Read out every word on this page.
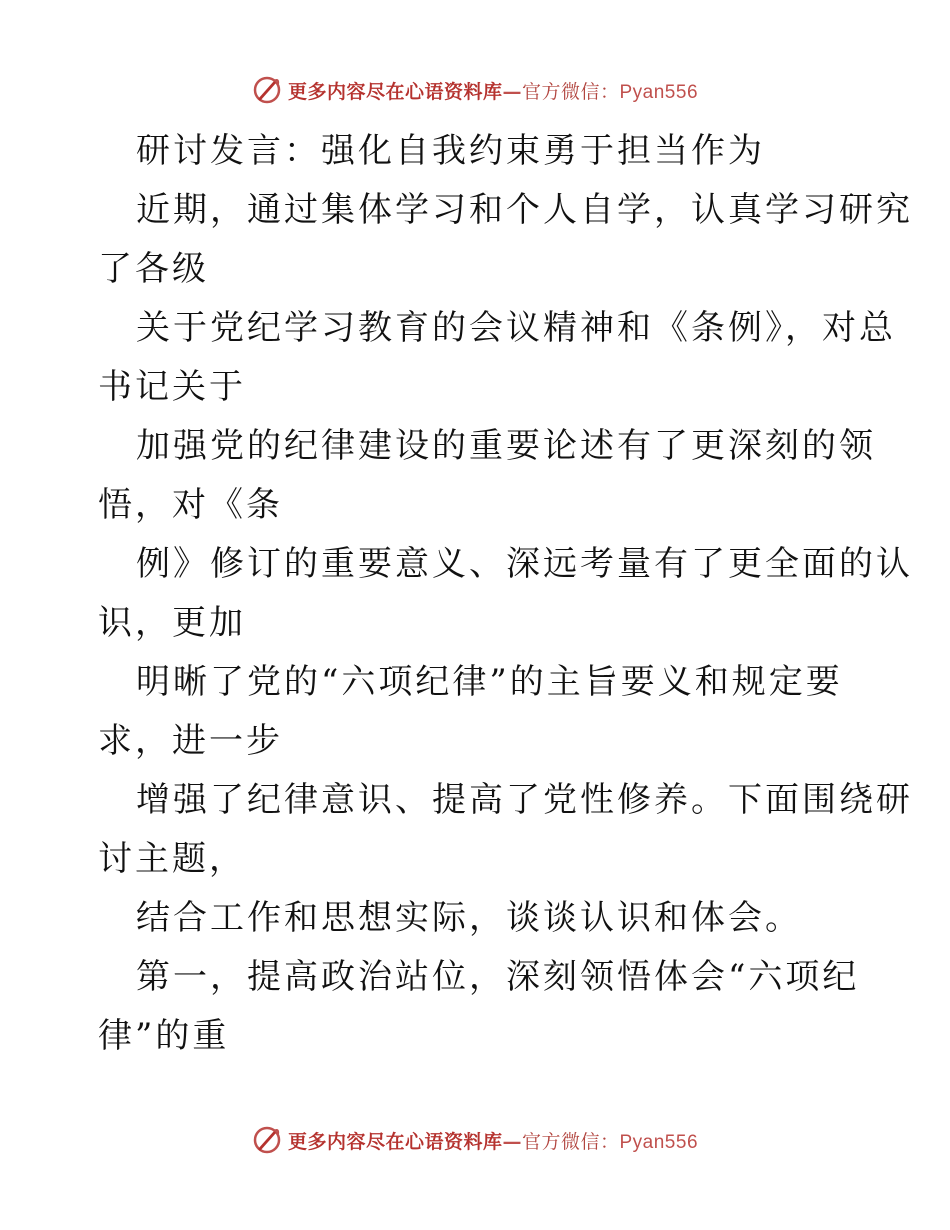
更多内容尽在心语资料库—官方微信：Pyan556
研讨发言：强化自我约束勇于担当作为
近期，通过集体学习和个人自学，认真学习研究
了各级
关于党纪学习教育的会议精神和《条例》，对总
书记关于
加强党的纪律建设的重要论述有了更深刻的领
悟，对《条
例》修订的重要意义、深远考量有了更全面的认
识，更加
明晰了党的“六项纪律”的主旨要义和规定要
求，进一步
增强了纪律意识、提高了党性修养。下面围绕研
讨主题，
结合工作和思想实际，谈谈认识和体会。
第一，提高政治站位，深刻领悟体会“六项纪
律”的重
更多内容尽在心语资料库—官方微信：Pyan556
